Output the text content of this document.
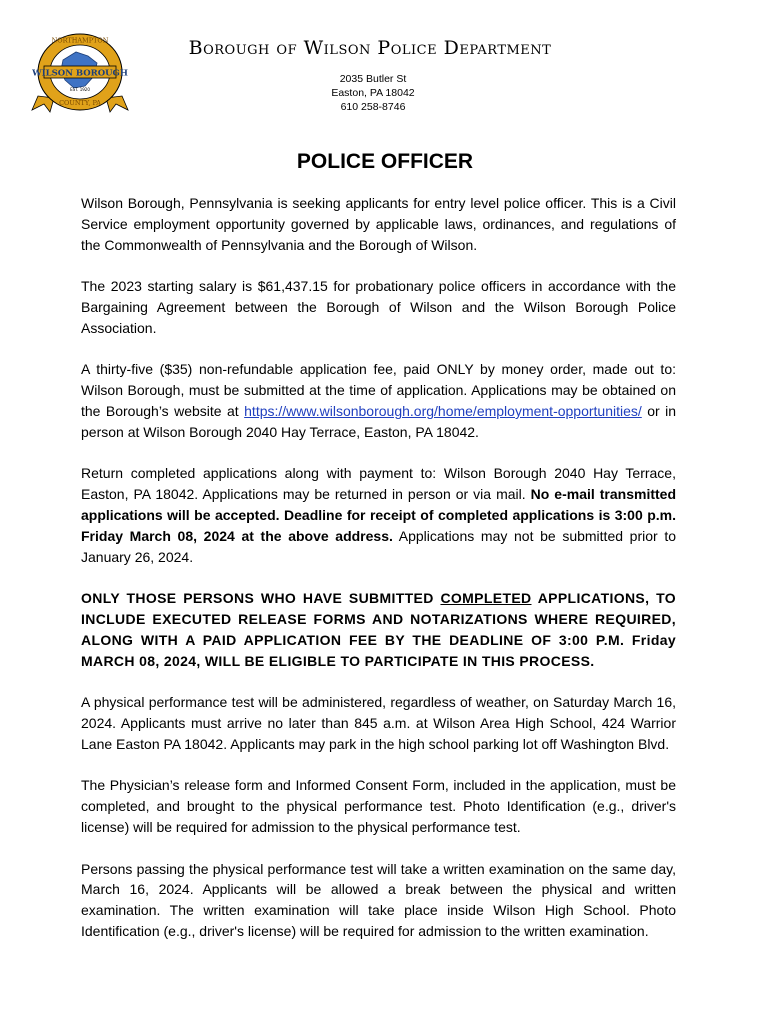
WILSON BOROUGH
NORTHAMPTON
EST. 1920
COUNTY, PA
Borough of Wilson Police Department
2035 Butler St
Easton, PA 18042
610 258-8746
POLICE OFFICER

Wilson Borough, Pennsylvania is seeking applicants for entry level police officer. This is a Civil Service employment opportunity governed by applicable laws, ordinances, and regulations of the Commonwealth of Pennsylvania and the Borough of Wilson.

The 2023 starting salary is $61,437.15 for probationary police officers in accordance with the Bargaining Agreement between the Borough of Wilson and the Wilson Borough Police Association.

A thirty-five ($35) non-refundable application fee, paid ONLY by money order, made out to: Wilson Borough, must be submitted at the time of application. Applications may be obtained on the Borough’s website at https://www.wilsonborough.org/home/employment-opportunities/ or in person at Wilson Borough 2040 Hay Terrace, Easton, PA 18042.

Return completed applications along with payment to: Wilson Borough 2040 Hay Terrace, Easton, PA 18042. Applications may be returned in person or via mail. No e-mail transmitted applications will be accepted. Deadline for receipt of completed applications is 3:00 p.m. Friday March 08, 2024 at the above address. Applications may not be submitted prior to January 26, 2024.

ONLY THOSE PERSONS WHO HAVE SUBMITTED COMPLETED APPLICATIONS, TO INCLUDE EXECUTED RELEASE FORMS AND NOTARIZATIONS WHERE REQUIRED, ALONG WITH A PAID APPLICATION FEE BY THE DEADLINE OF 3:00 P.M. Friday MARCH 08, 2024, WILL BE ELIGIBLE TO PARTICIPATE IN THIS PROCESS.

A physical performance test will be administered, regardless of weather, on Saturday March 16, 2024. Applicants must arrive no later than 845 a.m. at Wilson Area High School, 424 Warrior Lane Easton PA 18042. Applicants may park in the high school parking lot off Washington Blvd.

The Physician’s release form and Informed Consent Form, included in the application, must be completed, and brought to the physical performance test. Photo Identification (e.g., driver's license) will be required for admission to the physical performance test.

Persons passing the physical performance test will take a written examination on the same day, March 16, 2024. Applicants will be allowed a break between the physical and written examination. The written examination will take place inside Wilson High School. Photo Identification (e.g., driver's license) will be required for admission to the written examination.
